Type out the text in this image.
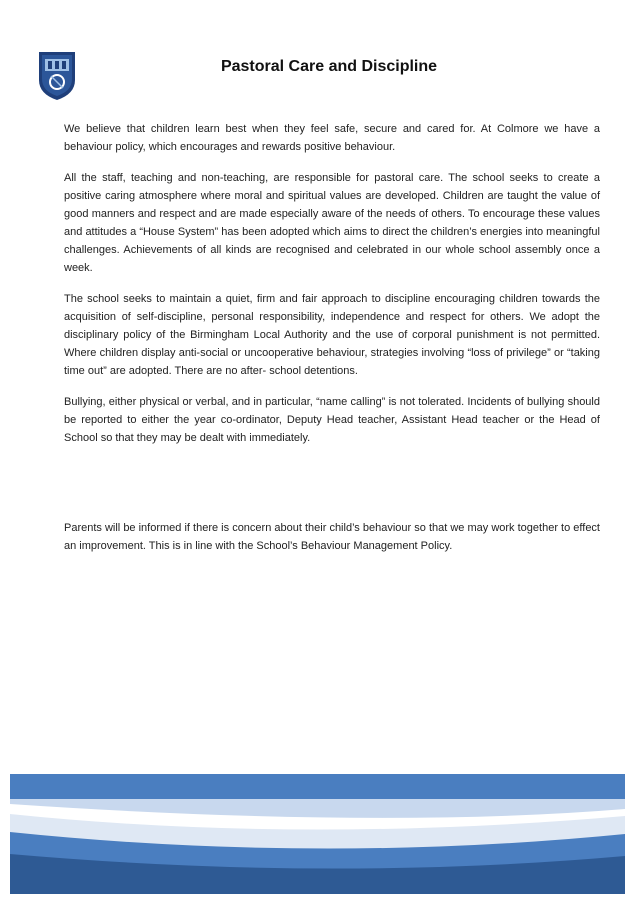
Pastoral Care and Discipline

We believe that children learn best when they feel safe, secure and cared for. At Colmore we have a behaviour policy, which encourages and rewards positive behaviour.

All the staff, teaching and non-teaching, are responsible for pastoral care. The school seeks to create a positive caring atmosphere where moral and spiritual values are developed. Children are taught the value of good manners and respect and are made especially aware of the needs of others. To encourage these values and attitudes a “House System” has been adopted which aims to direct the children’s energies into meaningful challenges. Achievements of all kinds are recognised and celebrated in our whole school assembly once a week.

The school seeks to maintain a quiet, firm and fair approach to discipline encouraging children towards the acquisition of self-discipline, personal responsibility, independence and respect for others. We adopt the disciplinary policy of the Birmingham Local Authority and the use of corporal punishment is not permitted. Where children display anti-social or uncooperative behaviour, strategies involving “loss of privilege” or “taking time out” are adopted. There are no after- school detentions.

Bullying, either physical or verbal, and in particular, “name calling” is not tolerated. Incidents of bullying should be reported to either the year co-ordinator, Deputy Head teacher, Assistant Head teacher or the Head of School so that they may be dealt with immediately.

Parents will be informed if there is concern about their child’s behaviour so that we may work together to effect an improvement. This is in line with the School’s Behaviour Management Policy.
